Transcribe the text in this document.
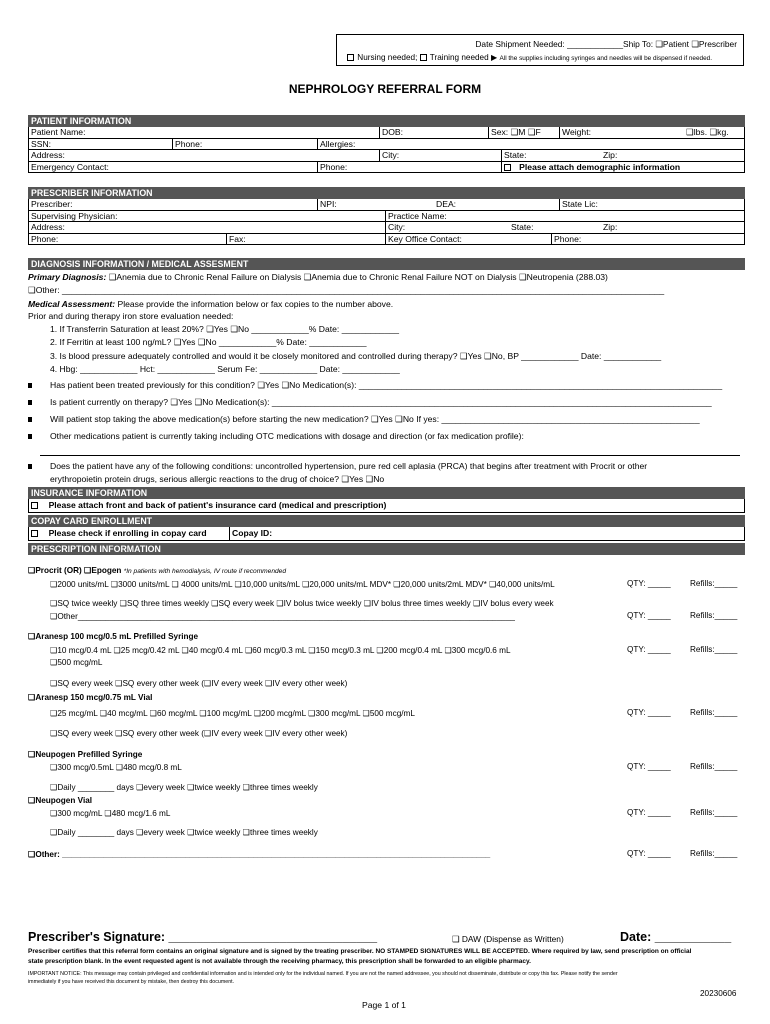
Date Shipment Needed: ____________Ship To: ❑Patient ❑Prescriber
Nursing needed; Training needed ▶ All the supplies including syringes and needles will be dispensed if needed.
NEPHROLOGY REFERRAL FORM
PATIENT INFORMATION
Patient Name:	DOB:	Sex: ❑M ❑F	Weight:	❑lbs. ❑kg.
SSN:	Phone:	Allergies:
Address:	City:	State:	Zip:
Emergency Contact:	Phone:	Please attach demographic information
PRESCRIBER INFORMATION
Prescriber:	NPI:	DEA:	State Lic:
Supervising Physician:	Practice Name:
Address:	City:	State:	Zip:
Phone:	Fax:	Key Office Contact:	Phone:
DIAGNOSIS INFORMATION / MEDICAL ASSESMENT
Primary Diagnosis: ❑Anemia due to Chronic Renal Failure on Dialysis ❑Anemia due to Chronic Renal Failure NOT on Dialysis ❑Neutropenia (288.03)
❑Other: ______________________________________________________________________________________________________________________________
Medical Assessment: Please provide the information below or fax copies to the number above.
Prior and during therapy iron store evaluation needed:
1. If Transferrin Saturation at least 20%? ❑Yes ❑No ____________% Date: ____________
2. If Ferritin at least 100 ng/mL? ❑Yes ❑No ____________% Date: ____________
3. Is blood pressure adequately controlled and would it be closely monitored and controlled during therapy? ❑Yes ❑No, BP ____________ Date: ____________
4. Hbg: ____________ Hct: ____________ Serum Fe: ____________ Date: ____________
Has patient been treated previously for this condition? ❑Yes ❑No Medication(s): ____________________________________________________________________________
Is patient currently on therapy? ❑Yes ❑No Medication(s): ____________________________________________________________________________________________
Will patient stop taking the above medication(s) before starting the new medication? ❑Yes ❑No If yes: ______________________________________________________
Other medications patient is currently taking including OTC medications with dosage and direction (or fax medication profile):
Does the patient have any of the following conditions: uncontrolled hypertension, pure red cell aplasia (PRCA) that begins after treatment with Procrit or other
erythropoietin protein drugs, serious allergic reactions to the drug of choice? ❑Yes ❑No
INSURANCE INFORMATION
Please attach front and back of patient's insurance card (medical and prescription)
COPAY CARD ENROLLMENT
Please check if enrolling in copay card	Copay ID:
PRESCRIPTION INFORMATION
❑Procrit (OR) ❑Epogen *In patients with hemodialysis, IV route if recommended
❑2000 units/mL ❑3000 units/mL ❑ 4000 units/mL ❑10,000 units/mL ❑20,000 units/mL MDV* ❑20,000 units/2mL MDV* ❑40,000 units/mL	QTY: _____ Refills:_____
❑SQ twice weekly ❑SQ three times weekly ❑SQ every week ❑IV bolus twice weekly ❑IV bolus three times weekly ❑IV bolus every week
❑Other________________________________________________________________________________________________	QTY: _____ Refills:_____
❑Aranesp 100 mcg/0.5 mL Prefilled Syringe
❑10 mcg/0.4 mL ❑25 mcg/0.42 mL ❑40 mcg/0.4 mL ❑60 mcg/0.3 mL ❑150 mcg/0.3 mL ❑200 mcg/0.4 mL ❑300 mcg/0.6 mL	QTY: _____ Refills:_____
❑500 mcg/mL
❑SQ every week ❑SQ every other week (❑IV every week ❑IV every other week)
❑Aranesp 150 mcg/0.75 mL Vial
❑25 mcg/mL ❑40 mcg/mL ❑60 mcg/mL ❑100 mcg/mL ❑200 mcg/mL ❑300 mcg/mL ❑500 mcg/mL	QTY: _____ Refills:_____
❑SQ every week ❑SQ every other week (❑IV every week ❑IV every other week)
❑Neupogen Prefilled Syringe
❑300 mcg/0.5mL ❑480 mcg/0.8 mL	QTY: _____ Refills:_____
❑Daily ________ days ❑every week ❑twice weekly ❑three times weekly
❑Neupogen Vial
❑300 mcg/mL ❑480 mcg/1.6 mL	QTY: _____ Refills:_____
❑Daily ________ days ❑every week ❑twice weekly ❑three times weekly
❑Other: ______________________________________________________________________________________________	QTY: _____ Refills:_____
Prescriber's Signature: ______________________________	❑ DAW (Dispense as Written)	Date: ___________
Prescriber certifies that this referral form contains an original signature and is signed by the treating prescriber. NO STAMPED SIGNATURES WILL BE ACCEPTED. Where required by law, send prescription on official
state prescription blank. In the event requested agent is not available through the receiving pharmacy, this prescription shall be forwarded to an eligible pharmacy.
IMPORTANT NOTICE: This message may contain privileged and confidential information and is intended only for the individual named. If you are not the named addressee, you should not disseminate, distribute or copy this fax. Please notify the sender
immediately if you have received this document by mistake, then destroy this document.
20230606
Page 1 of 1
